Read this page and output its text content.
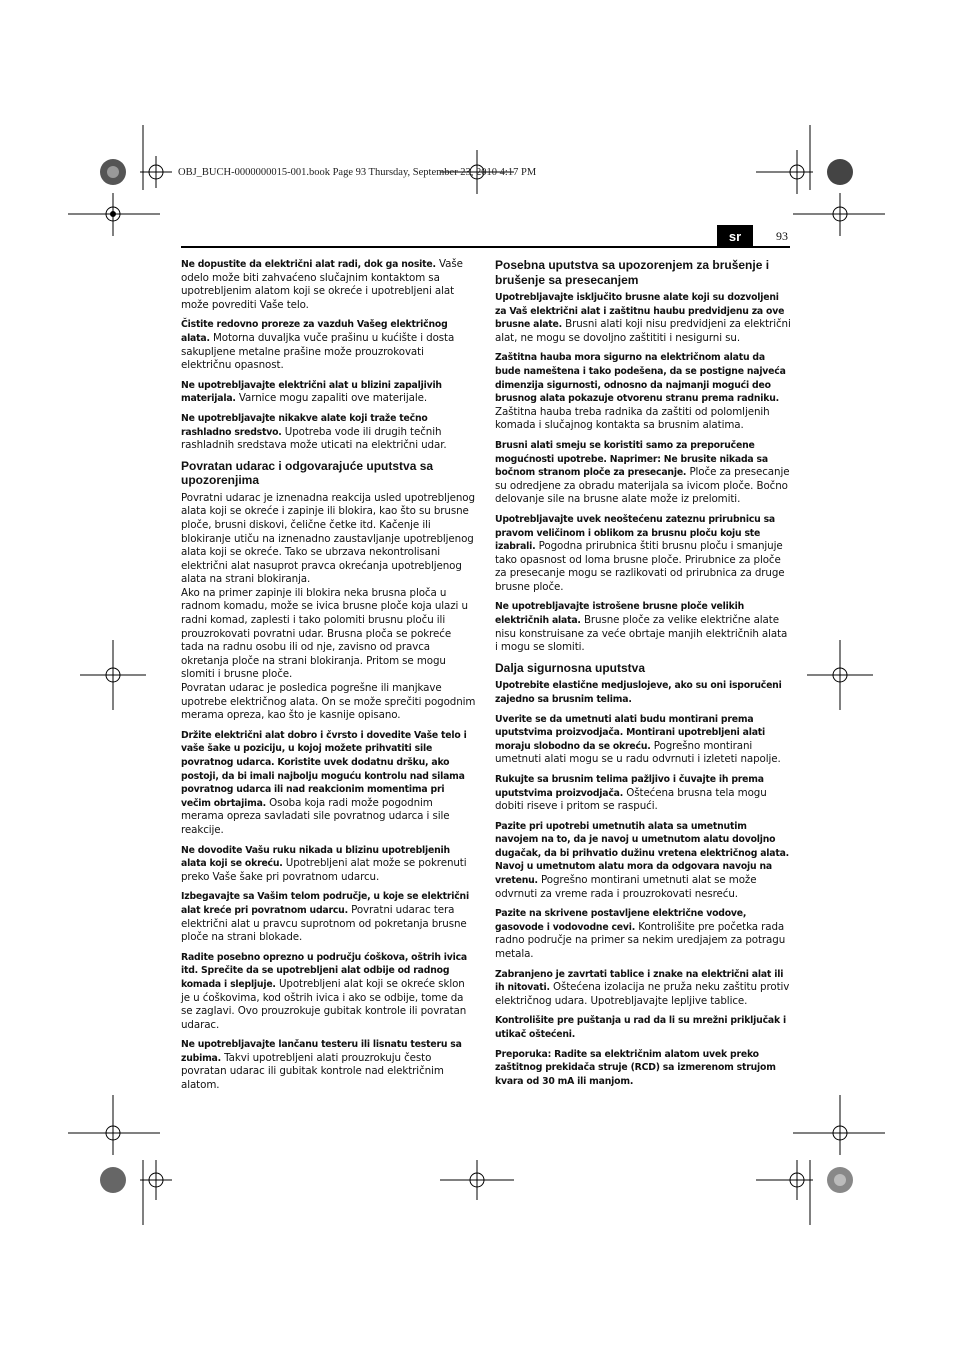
OBJ_BUCH-0000000015-001.book Page 93 Thursday, September 23, 2010 4:17 PM
sr	93

Ne dopustite da električni alat radi, dok ga nosite. Vaše odelo može biti zahvaćeno slučajnim kontaktom sa upotrebljenim alatom koji se okreće i upotrebljeni alat može povrediti Vaše telo.

Čistite redovno proreze za vazduh Vašeg električnog alata. Motorna duvaljka vuče prašinu u kućište i dosta sakupljene metalne prašine može prouzrokovati električnu opasnost.

Ne upotrebljavajte električni alat u blizini zapaljivih materijala. Varnice mogu zapaliti ove materijale.

Ne upotrebljavajte nikakve alate koji traže tečno rashladno sredstvo. Upotreba vode ili drugih tečnih rashladnih sredstava može uticati na električni udar.

Povratan udarac i odgovarajuće uputstva sa upozorenjima

Povratni udarac je iznenadna reakcija usled upotrebljenog alata koji se okreće i zapinje ili blokira, kao što su brusne ploče, brusni diskovi, čelične četke itd. Kačenje ili blokiranje utiču na iznenadno zaustavljanje upotrebljenog alata koji se okreće. Tako se ubrzava nekontrolisani električni alat nasuprot pravca okrećanja upotrebljenog alata na strani blokiranja.

Ako na primer zapinje ili blokira neka brusna ploča u radnom komadu, može se ivica brusne ploče koja ulazi u radni komad, zaplesti i tako polomiti brusnu ploču ili prouzrokovati povratni udar. Brusna ploča se pokreće tada na radnu osobu ili od nje, zavisno od pravca okretanja ploče na strani blokiranja. Pritom se mogu slomiti i brusne ploče.

Povratan udarac je posledica pogrešne ili manjkave upotrebe električnog alata. On se može sprečiti pogodnim merama opreza, kao što je kasnije opisano.

Držite električni alat dobro i čvrsto i dovedite Vaše telo i vaše šake u poziciju, u kojoj možete prihvatiti sile povratnog udarca. Koristite uvek dodatnu dršku, ako postoji, da bi imali najbolju moguću kontrolu nad silama povratnog udarca ili nad reakcionim momentima pri večim obrtajima. Osoba koja radi može pogodnim merama opreza savladati sile povratnog udarca i sile reakcije.

Ne dovodite Vašu ruku nikada u blizinu upotrebljenih alata koji se okreću. Upotrebljeni alat može se pokrenuti preko Vaše šake pri povratnom udarcu.

Izbegavajte sa Vašim telom područje, u koje se električni alat kreće pri povratnom udarcu. Povratni udarac tera električni alat u pravcu suprotnom od pokretanja brusne ploče na strani blokade.

Radite posebno oprezno u području ćoškova, oštrih ivica itd. Sprečite da se upotrebljeni alat odbije od radnog komada i sleplјuje. Upotrebljeni alat koji se okreće sklon je u ćoškovima, kod oštrih ivica i ako se odbije, tome da se zaglavi. Ovo prouzrokuje gubitak kontrole ili povratan udarac.

Ne upotrebljavajte lančanu testeru ili lisnatu testeru sa zubima. Takvi upotrebljeni alati prouzrokuju često povratan udarac ili gubitak kontrole nad električnim alatom.

Posebna uputstva sa upozorenjem za brušenje i brušenje sa presecanjem

Upotrebljavajte isključito brusne alate koji su dozvoljeni za Vaš električni alat i zaštitnu haubu predvidjenu za ove brusne alate. Brusni alati koji nisu predvidjeni za električni alat, ne mogu se dovoljno zaštititi i nesigurni su.

Zaštitna hauba mora sigurno na električnom alatu da bude nameštena i tako podešena, da se postigne najveća dimenzija sigurnosti, odnosno da najmanji mogući deo brusnog alata pokazuje otvorenu stranu prema radniku. Zaštitna hauba treba radnika da zaštiti od polomljenih komada i slučajnog kontakta sa brusnim alatima.

Brusni alati smeju se koristiti samo za preporučene mogućnosti upotrebe. Naprimer: Ne brusite nikada sa bočnom stranom ploče za presecanje. Ploče za presecanje su odredjene za obradu materijala sa ivicom ploče. Bočno delovanje sile na brusne alate može iz prelomiti.

Upotrebljavajte uvek neoštećenu zateznu prirubnicu sa pravom veličinom i oblikom za brusnu ploču koju ste izabrali. Pogodna prirubnica štiti brusnu ploču i smanjuje tako opasnost od loma brusne ploče. Prirubnice za ploče za presecanje mogu se razlikovati od prirubnica za druge brusne ploče.

Ne upotrebljavajte istrošene brusne ploče velikih električnih alata. Brusne ploče za velike električne alate nisu konstruisane za veće obrtaje manjih električnih alata i mogu se slomiti.

Dalja sigurnosna uputstva

Upotrebite elastične medjuslojeve, ako su oni isporučeni zajedno sa brusnim telima.

Uverite se da umetnuti alati budu montirani prema uputstvima proizvodjača. Montirani upotrebljeni alati moraju slobodno da se okreću. Pogrešno montirani umetnuti alati mogu se u radu odvrnuti i izleteti napolje.

Rukujte sa brusnim telima pažljivo i čuvajte ih prema uputstvima proizvodjača. Oštećena brusna tela mogu dobiti riseve i pritom se raspući.

Pazite pri upotrebi umetnutih alata sa umetnutim navojem na to, da je navoj u umetnutom alatu dovoljno dugačak, da bi prihvatio dužinu vretena električnog alata. Navoj u umetnutom alatu mora da odgovara navoju na vretenu. Pogrešno montirani umetnuti alat se može odvrnuti za vreme rada i prouzrokovati nesreću.

Pazite na skrivene postavljene električne vodove, gasovode i vodovodne cevi. Kontrolišite pre početka rada radno područje na primer sa nekim uredjajem za potragu metala.

Zabranjeno je zavrtati tablice i znake na električni alat ili ih nitovati. Oštećena izolacija ne pruža neku zaštitu protiv električnog udara. Upotrebljavajte lepljive tablice.

Kontrolišite pre puštanja u rad da li su mrežni priključak i utikač oštećeni.

Preporuka: Radite sa električnim alatom uvek preko zaštitnog prekidača struje (RCD) sa izmerenom strujom kvara od 30 mA ili manjom.
